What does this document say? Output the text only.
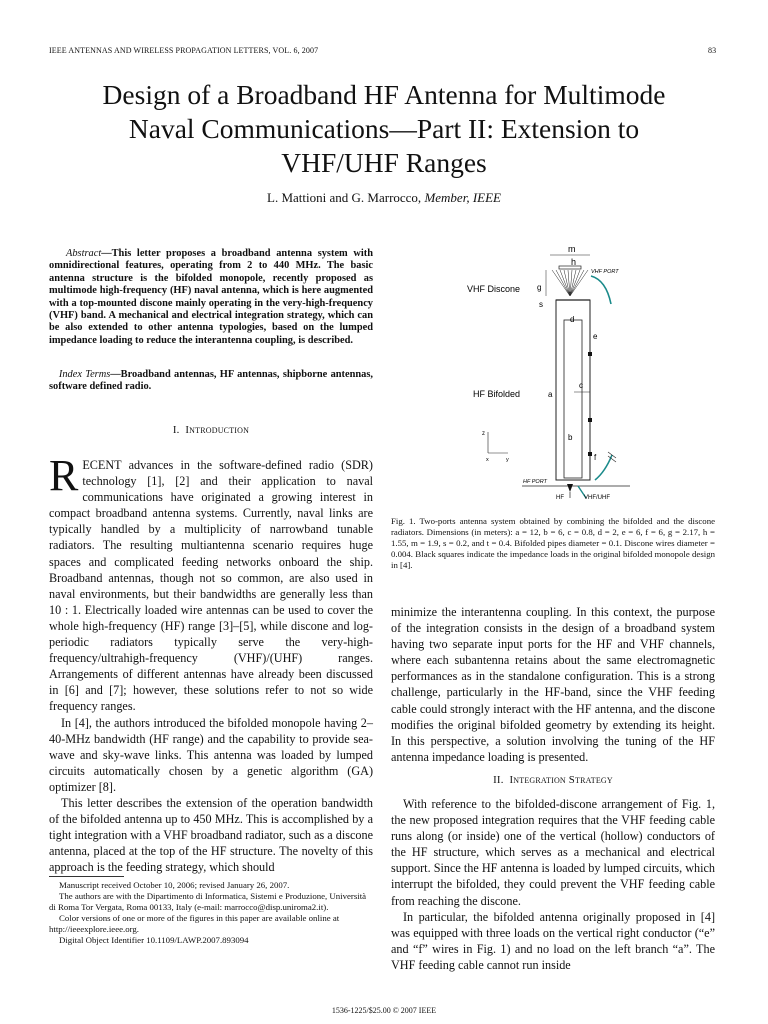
IEEE ANTENNAS AND WIRELESS PROPAGATION LETTERS, VOL. 6, 2007	83
Design of a Broadband HF Antenna for Multimode
Naval Communications—Part II: Extension to
VHF/UHF Ranges
L. Mattioni and G. Marrocco, Member, IEEE
Abstract—This letter proposes a broadband antenna system with omnidirectional features, operating from 2 to 440 MHz. The basic antenna structure is the bifolded monopole, recently proposed as multimode high-frequency (HF) naval antenna, which is here augmented with a top-mounted discone mainly operating in the very-high-frequency (VHF) band. A mechanical and electrical integration strategy, which can be also extended to other antenna typologies, based on the lumped impedance loading to reduce the interantenna coupling, is described.
Index Terms—Broadband antennas, HF antennas, shipborne antennas, software defined radio.
I. Introduction

RECENT advances in the software-defined radio (SDR) technology [1], [2] and their application to naval communications have originated a growing interest in compact broadband antenna systems. Currently, naval links are typically handled by a multiplicity of narrowband tunable radiators. The resulting multiantenna scenario requires huge spaces and complicated feeding networks onboard the ship. Broadband antennas, though not so common, are also used in naval environments, but their bandwidths are generally less than 10 : 1. Electrically loaded wire antennas can be used to cover the whole high-frequency (HF) range [3]–[5], while discone and log-periodic radiators typically serve the very-high-frequency/ultrahigh-frequency (VHF)/(UHF) ranges. Arrangements of different antennas have already been discussed in [6] and [7]; however, these solutions refer to not so wide frequency ranges.

In [4], the authors introduced the bifolded monopole having 2–40-MHz bandwidth (HF range) and the capability to provide sea-wave and sky-wave links. This antenna was loaded by lumped circuits automatically chosen by a genetic algorithm (GA) optimizer [8].

This letter describes the extension of the operation bandwidth of the bifolded antenna up to 450 MHz. This is accomplished by a tight integration with a VHF broadband radiator, such as a discone antenna, placed at the top of the HF structure. The novelty of this approach is the feeding strategy, which should

Manuscript received October 10, 2006; revised January 26, 2007.

The authors are with the Dipartimento di Informatica, Sistemi e Produzione, Università di Roma Tor Vergata, Roma 00133, Italy (e-mail: marrocco@disp.uniroma2.it).

Color versions of one or more of the figures in this paper are available online at http://ieeexplore.ieee.org.

Digital Object Identifier 10.1109/LAWP.2007.893094

m
h
VHF PORT
VHF Discone g
s
d
e
c
HF Bifolded	a
b
f
z
x	y
HF PORT
HF	VHF/UHF
Fig. 1. Two-ports antenna system obtained by combining the bifolded and the discone radiators. Dimensions (in meters): a = 12, b = 6, c = 0.8, d = 2, e = 6, f = 6, g = 2.17, h = 1.55, m = 1.9, s = 0.2, and t = 0.4. Bifolded pipes diameter = 0.1. Discone wires diameter = 0.004. Black squares indicate the impedance loads in the original bifolded monopole design in [4].

minimize the interantenna coupling. In this context, the purpose of the integration consists in the design of a broadband system having two separate input ports for the HF and VHF channels, where each subantenna retains about the same electromagnetic performances as in the standalone configuration. This is a strong challenge, particularly in the HF-band, since the VHF feeding cable could strongly interact with the HF antenna, and the discone modifies the original bifolded geometry by extending its height. In this perspective, a solution involving the tuning of the HF antenna impedance loading is presented.

II. Integration Strategy

With reference to the bifolded-discone arrangement of Fig. 1, the new proposed integration requires that the VHF feeding cable runs along (or inside) one of the vertical (hollow) conductors of the HF structure, which serves as a mechanical and electrical support. Since the HF antenna is loaded by lumped circuits, which interrupt the bifolded, they could prevent the VHF feeding cable from reaching the discone.

In particular, the bifolded antenna originally proposed in [4] was equipped with three loads on the vertical right conductor (“e” and “f” wires in Fig. 1) and no load on the left branch “a”. The VHF feeding cable cannot run inside

1536-1225/$25.00 © 2007 IEEE
